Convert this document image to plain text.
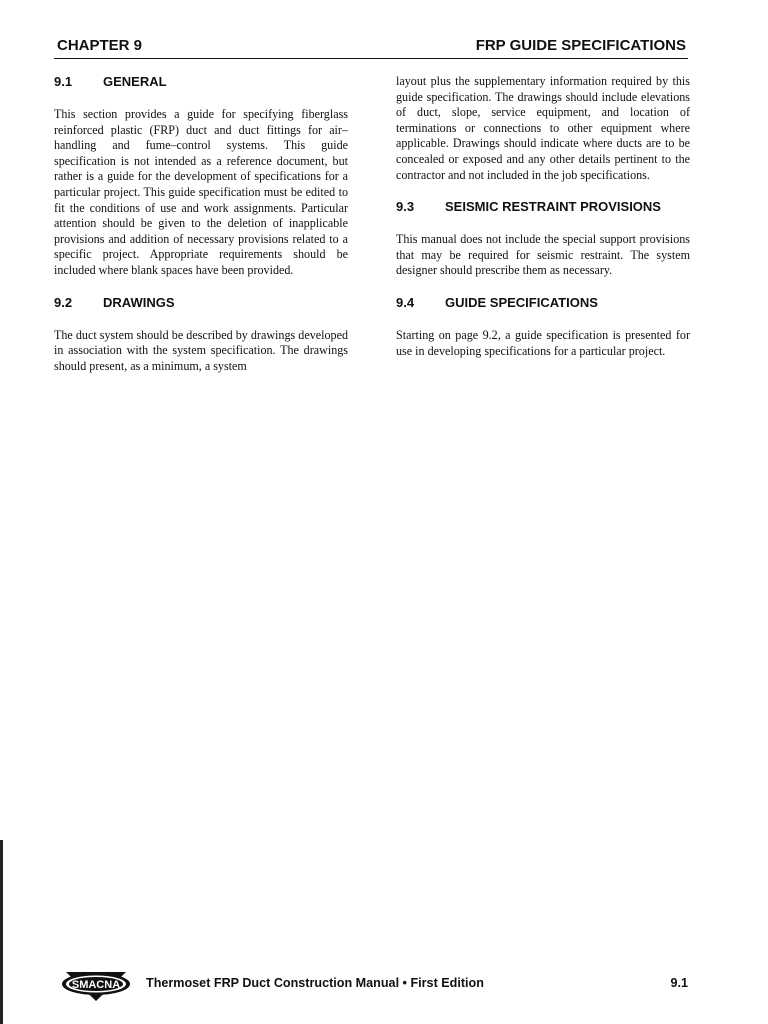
CHAPTER 9	FRP GUIDE SPECIFICATIONS
9.1 GENERAL

This section provides a guide for specifying fiberglass reinforced plastic (FRP) duct and duct fittings for air–handling and fume–control systems. This guide specification is not intended as a reference document, but rather is a guide for the development of specifications for a particular project. This guide specification must be edited to fit the conditions of use and work assignments. Particular attention should be given to the deletion of inapplicable provisions and addition of necessary provisions related to a specific project. Appropriate requirements should be included where blank spaces have been provided.

9.2 DRAWINGS

The duct system should be described by drawings developed in association with the system specification. The drawings should present, as a minimum, a system

layout plus the supplementary information required by this guide specification. The drawings should include elevations of duct, slope, service equipment, and location of terminations or connections to other equipment where applicable. Drawings should indicate where ducts are to be concealed or exposed and any other details pertinent to the contractor and not included in the job specifications.

9.3 SEISMIC RESTRAINT PROVISIONS

This manual does not include the special support provisions that may be required for seismic restraint. The system designer should prescribe them as necessary.

9.4 GUIDE SPECIFICATIONS

Starting on page 9.2, a guide specification is presented for use in developing specifications for a particular project.

SMACNA Thermoset FRP Duct Construction Manual • First Edition	9.1
